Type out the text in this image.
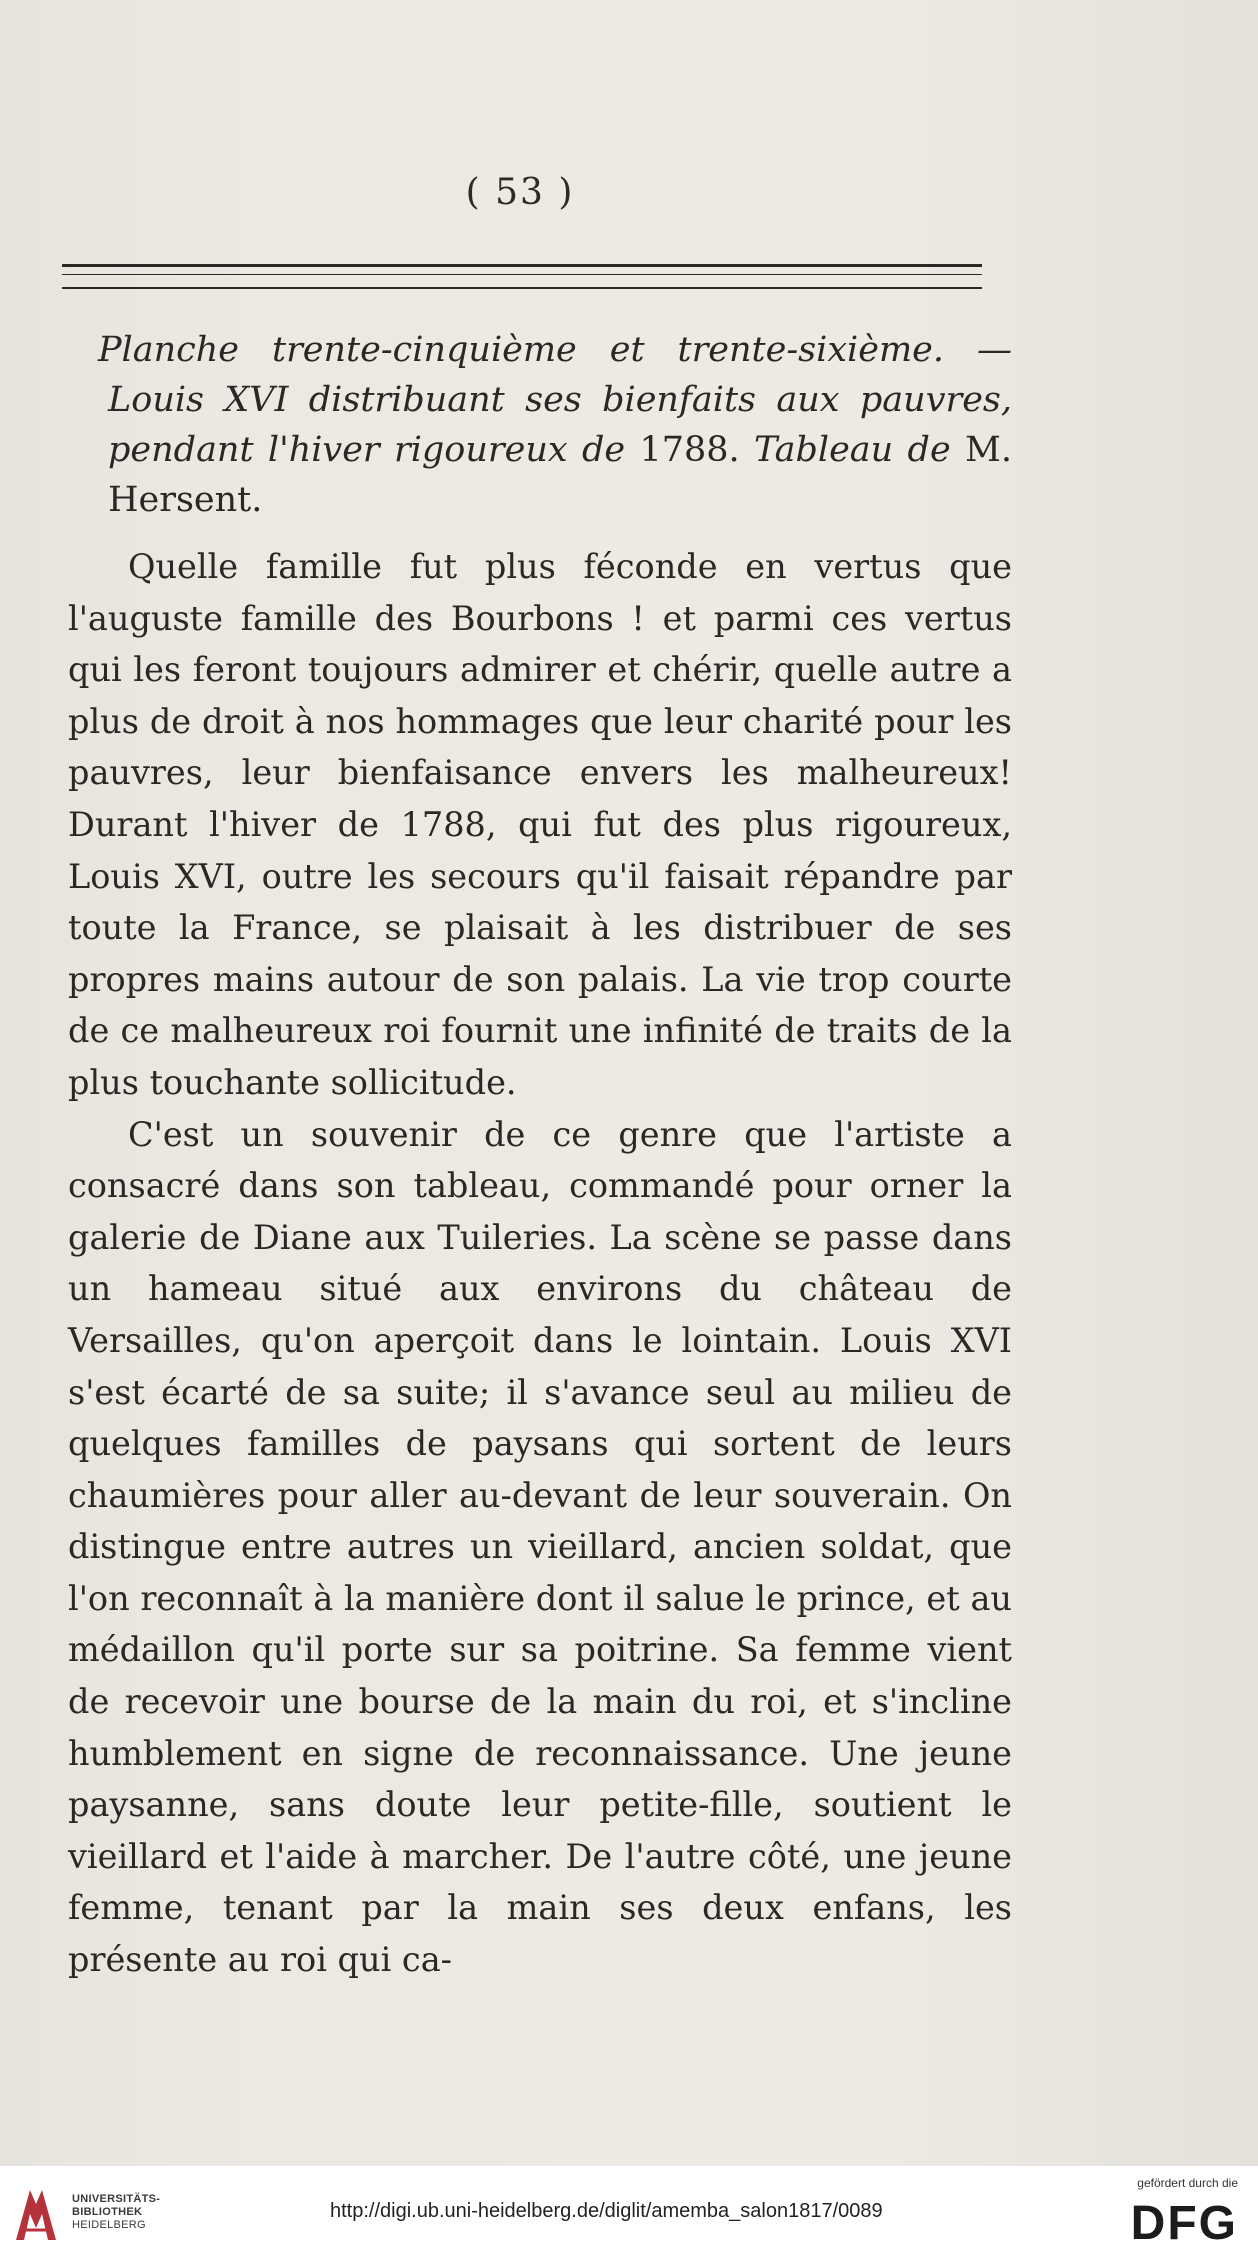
( 53 )
Planche trente-cinquième et trente-sixième. — Louis XVI distribuant ses bienfaits aux pauvres, pendant l'hiver rigoureux de 1788. Tableau de M. Hersent.

Quelle famille fut plus féconde en vertus que l'auguste famille des Bourbons ! et parmi ces vertus qui les feront toujours admirer et chérir, quelle autre a plus de droit à nos hommages que leur charité pour les pauvres, leur bienfaisance envers les malheureux! Durant l'hiver de 1788, qui fut des plus rigoureux, Louis XVI, outre les secours qu'il faisait répandre par toute la France, se plaisait à les distribuer de ses propres mains autour de son palais. La vie trop courte de ce malheureux roi fournit une infinité de traits de la plus touchante sollicitude.

C'est un souvenir de ce genre que l'artiste a consacré dans son tableau, commandé pour orner la galerie de Diane aux Tuileries. La scène se passe dans un hameau situé aux environs du château de Versailles, qu'on aperçoit dans le lointain. Louis XVI s'est écarté de sa suite; il s'avance seul au milieu de quelques familles de paysans qui sortent de leurs chaumières pour aller au-devant de leur souverain. On distingue entre autres un vieillard, ancien soldat, que l'on reconnaît à la manière dont il salue le prince, et au médaillon qu'il porte sur sa poitrine. Sa femme vient de recevoir une bourse de la main du roi, et s'incline humblement en signe de reconnaissance. Une jeune paysanne, sans doute leur petite-fille, soutient le vieillard et l'aide à marcher. De l'autre côté, une jeune femme, tenant par la main ses deux enfans, les présente au roi qui ca-

UNIVERSITÄTS-
BIBLIOTHEK
HEIDELBERG
http://digi.ub.uni-heidelberg.de/diglit/amemba_salon1817/0089
gefördert durch die
DFG
